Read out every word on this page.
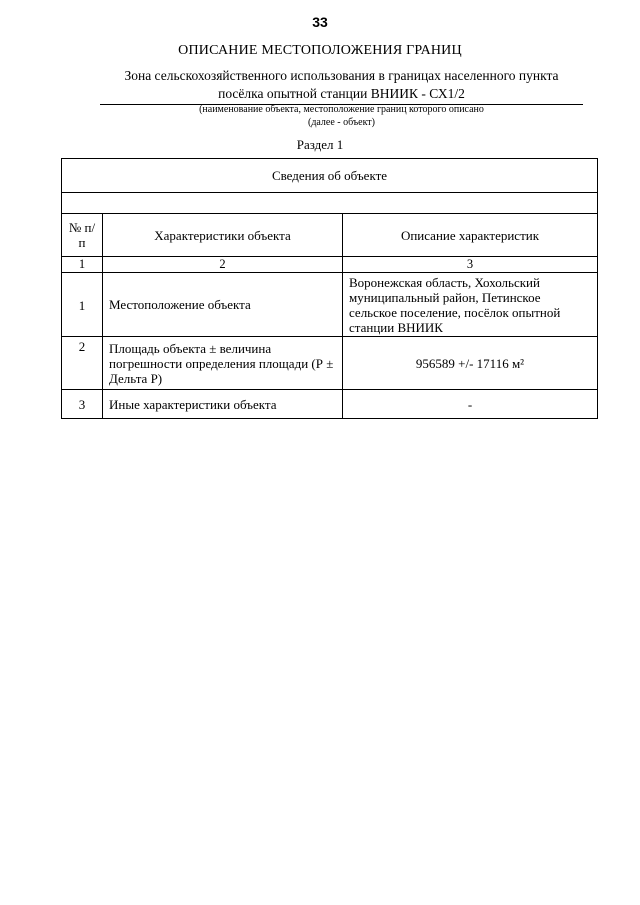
33
ОПИСАНИЕ МЕСТОПОЛОЖЕНИЯ ГРАНИЦ
Зона сельскохозяйственного использования в границах населенного пункта
посёлка опытной станции ВНИИК - СХ1/2
(наименование объекта, местоположение границ которого описано
(далее - объект)
Раздел 1
Сведения об объекте		

№ п/п	Характеристики объекта	Описание характеристик
1	2	3
1	Местоположение объекта	Воронежская область, Хохольский муниципальный район, Петинское сельское поселение, посёлок опытной станции ВНИИК
2	Площадь объекта ± величина погрешности определения площади (Р ± Дельта Р)	956589 +/- 17116 м²
3	Иные характеристики объекта	-
